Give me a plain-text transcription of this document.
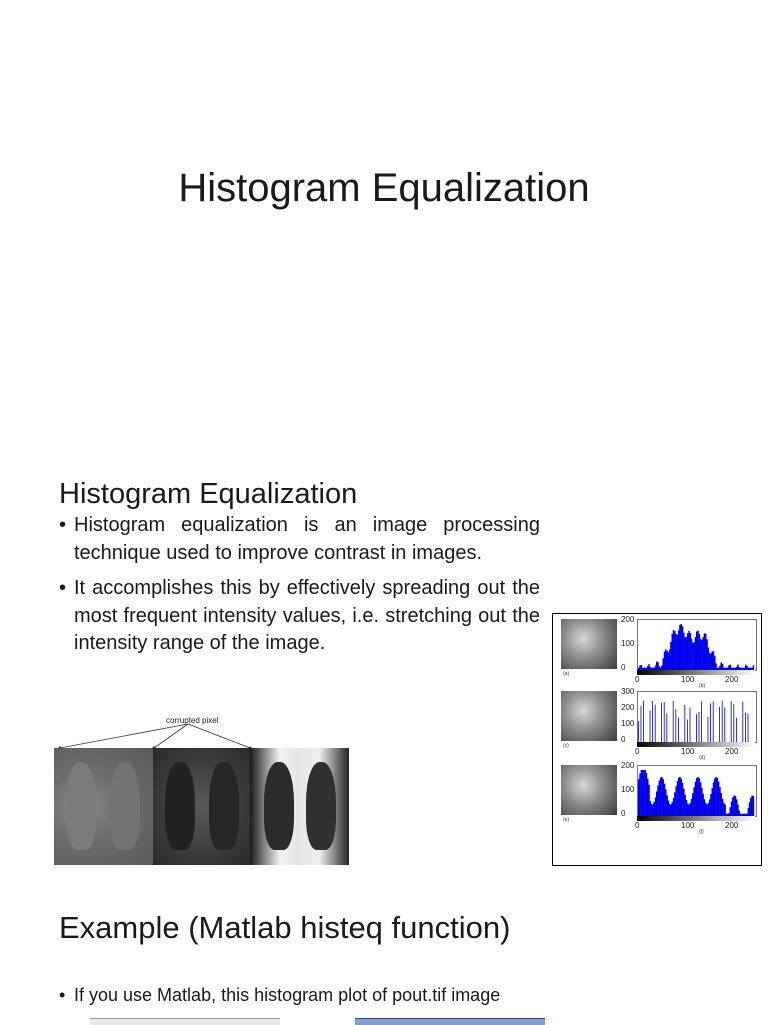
Histogram Equalization
Histogram Equalization
• Histogram equalization is an image processing technique used to improve contrast in images.
• It accomplishes this by effectively spreading out the most frequent intensity values, i.e. stretching out the intensity range of the image.
corrupted pixel
(a)
200
100
0
0	100	200
(b)
(c)
300
200
100
0
0	100	200
(d)
(e)
200
100
0
0	100	200
(f)
Example (Matlab histeq function)
• If you use Matlab, this histogram plot of pout.tif image
